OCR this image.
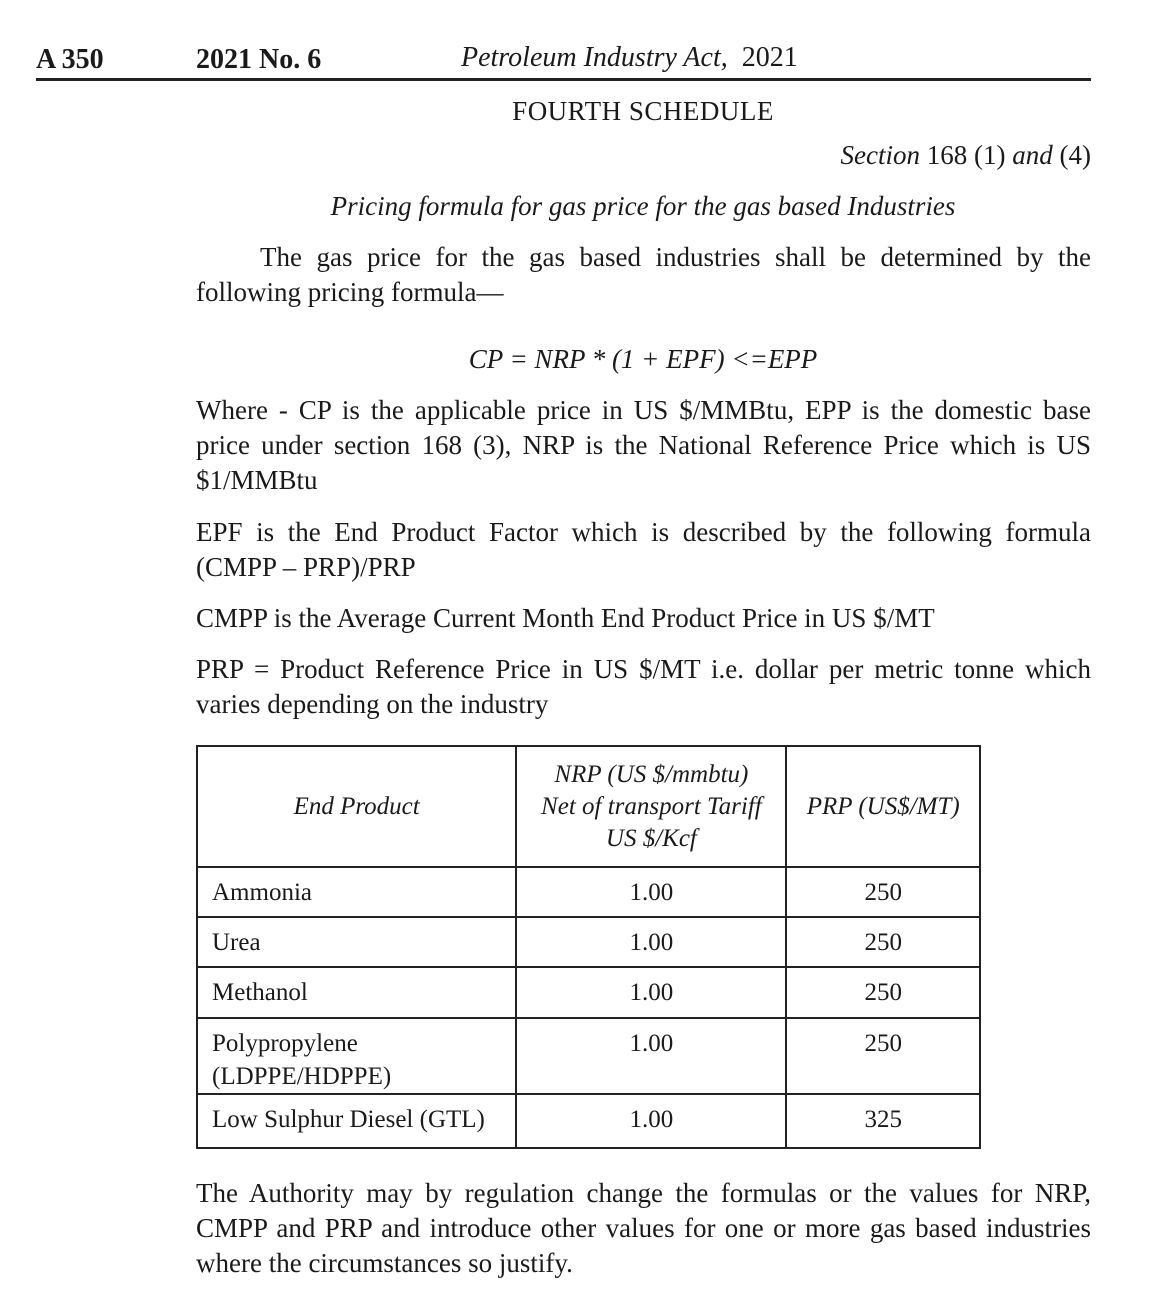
A 350	2021 No. 6	Petroleum Industry Act, 2021
FOURTH SCHEDULE
Section 168 (1) and (4)
Pricing formula for gas price for the gas based Industries
The gas price for the gas based industries shall be determined by the following pricing formula—
CP = NRP * (1 + EPF) <=EPP
Where - CP is the applicable price in US $/MMBtu, EPP is the domestic base price under section 168 (3), NRP is the National Reference Price which is US $1/MMBtu
EPF is the End Product Factor which is described by the following formula (CMPP – PRP)/PRP
CMPP is the Average Current Month End Product Price in US $/MT
PRP = Product Reference Price in US $/MT i.e. dollar per metric tonne which varies depending on the industry
End Product	NRP (US $/mmbtu)
Net of transport Tariff
US $/Kcf	PRP (US$/MT)
Ammonia	1.00	250
Urea	1.00	250
Methanol	1.00	250

Polypropylene
(LDPPE/HDPPE)	1.00	250
Low Sulphur Diesel (GTL)	1.00	325
The Authority may by regulation change the formulas or the values for NRP, CMPP and PRP and introduce other values for one or more gas based industries where the circumstances so justify.
